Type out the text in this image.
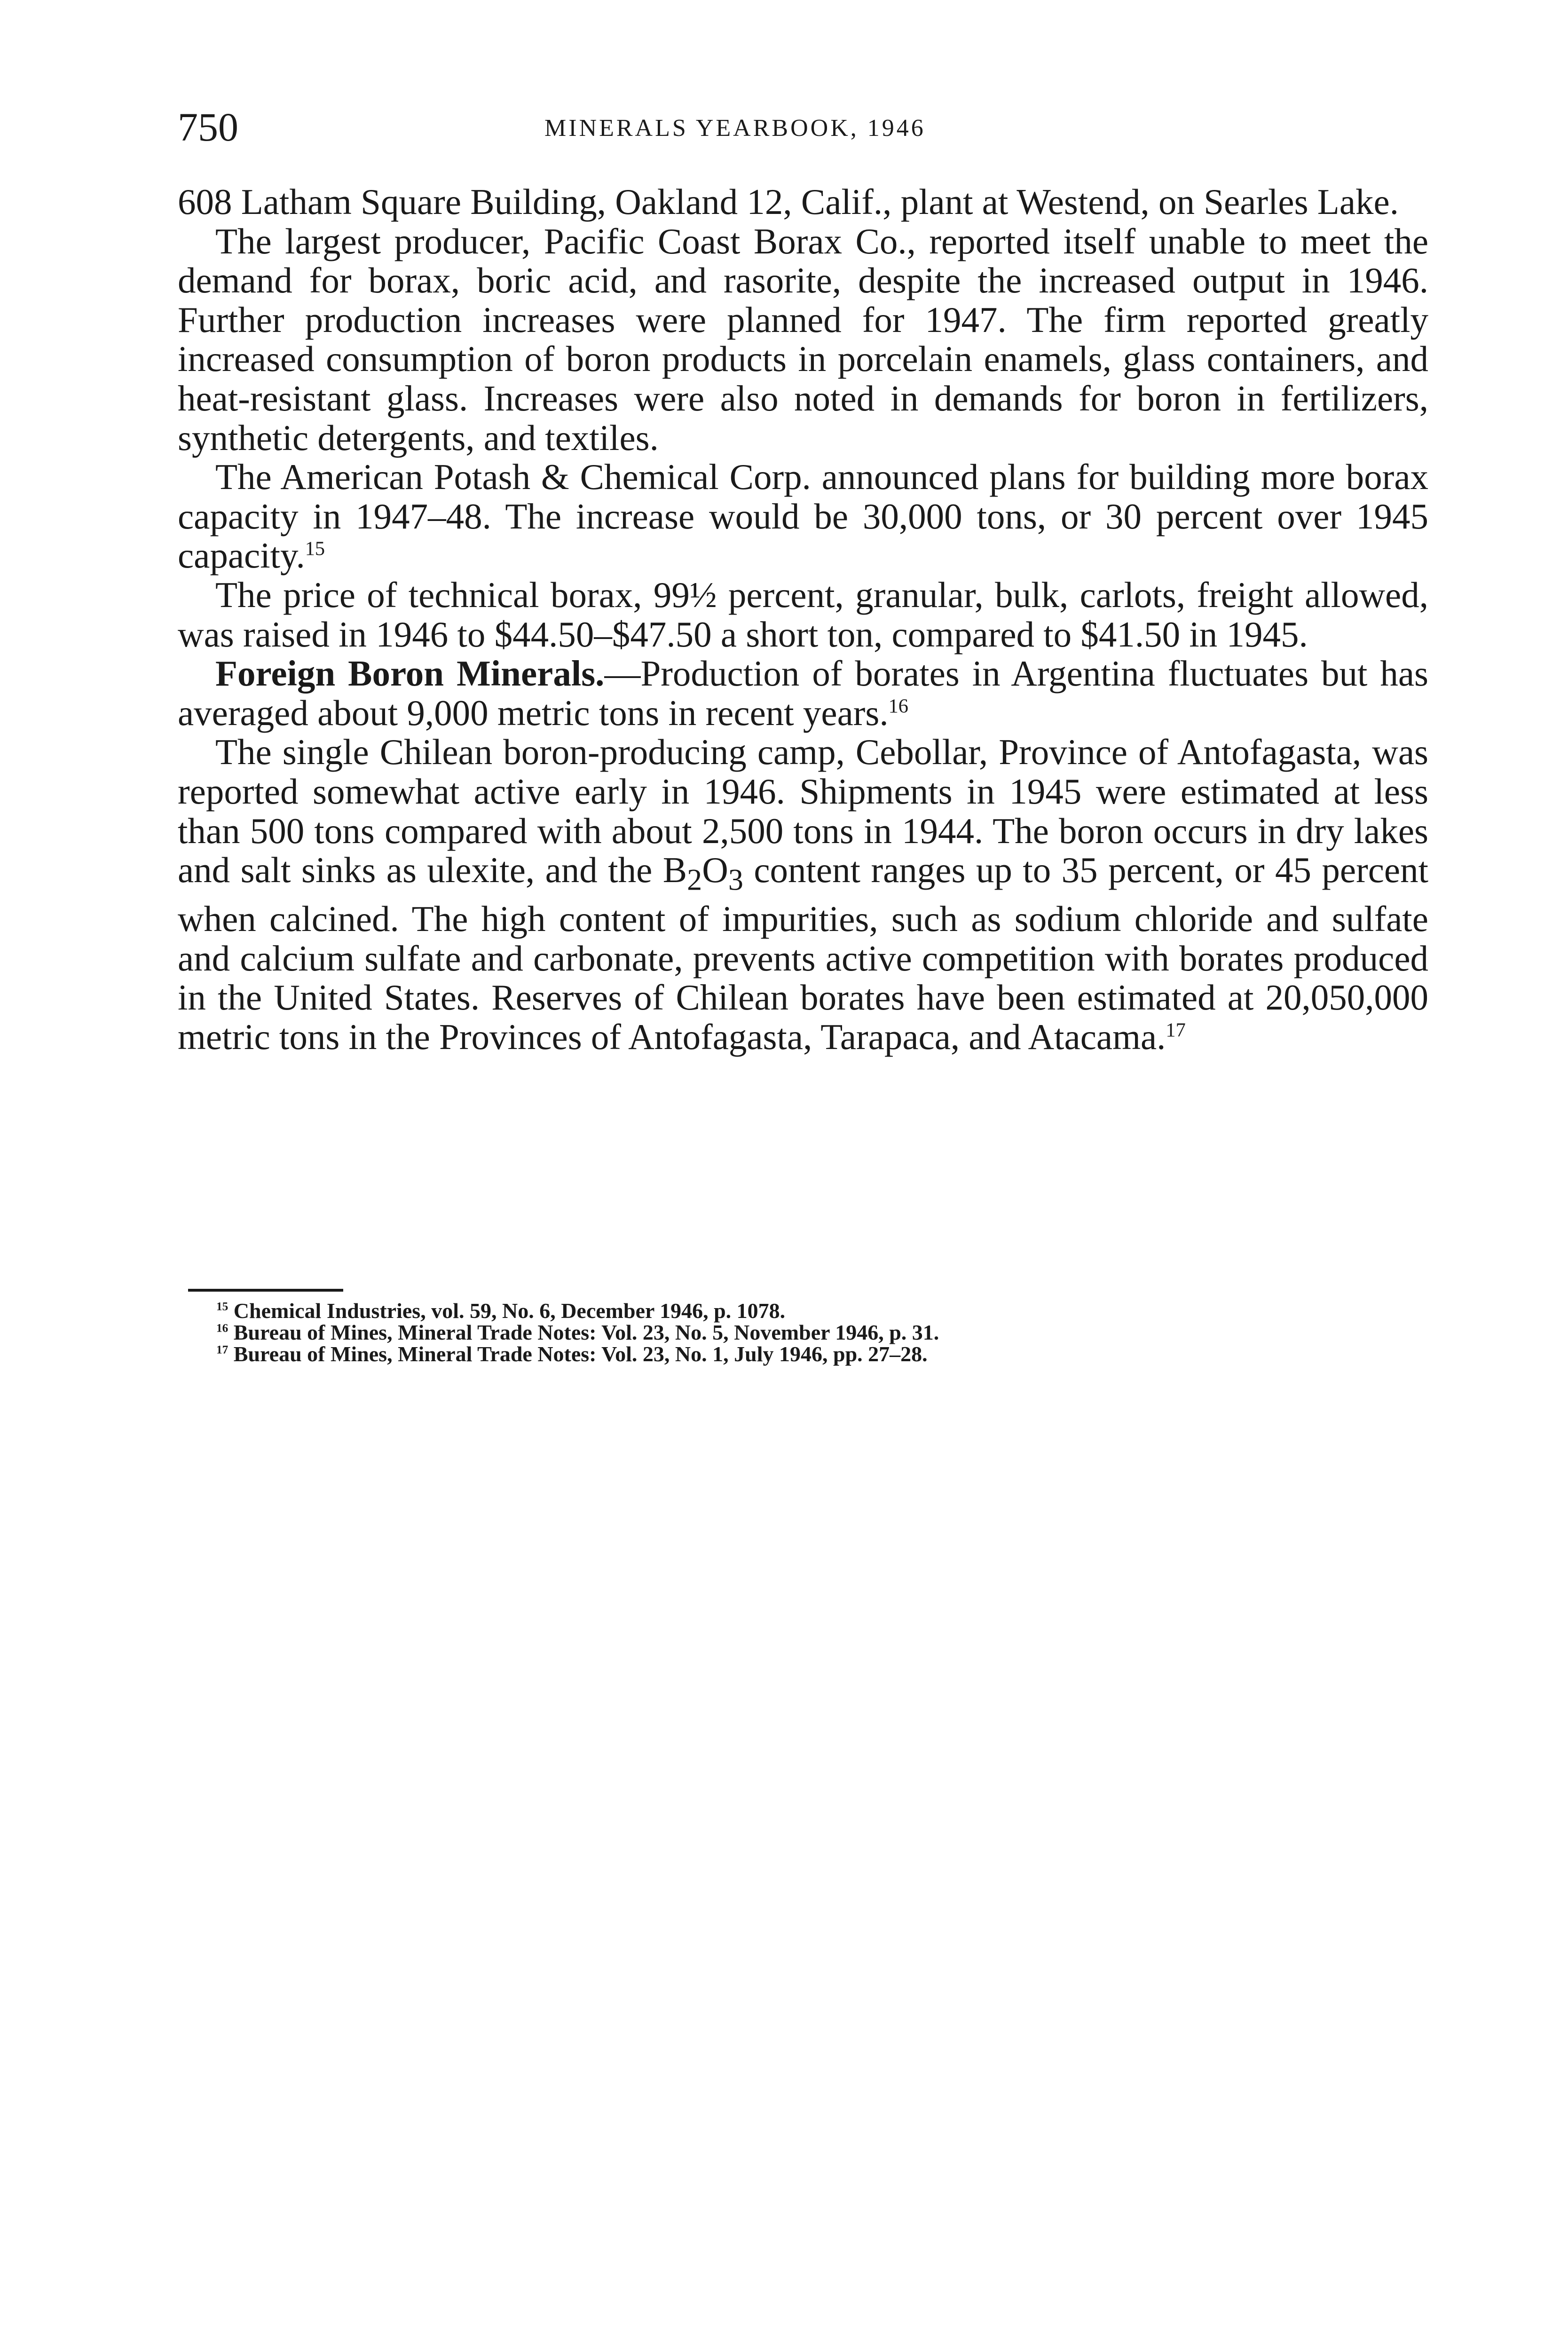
750	MINERALS YEARBOOK, 1946

608 Latham Square Building, Oakland 12, Calif., plant at Westend, on Searles Lake.

The largest producer, Pacific Coast Borax Co., reported itself unable to meet the demand for borax, boric acid, and rasorite, despite the increased output in 1946. Further production increases were planned for 1947. The firm reported greatly increased consumption of boron products in porcelain enamels, glass containers, and heat-resistant glass. Increases were also noted in demands for boron in fertilizers, synthetic detergents, and textiles.

The American Potash & Chemical Corp. announced plans for building more borax capacity in 1947–48. The increase would be 30,000 tons, or 30 percent over 1945 capacity.$^{15}$

The price of technical borax, 99½ percent, granular, bulk, carlots, freight allowed, was raised in 1946 to $44.50–$47.50 a short ton, compared to $41.50 in 1945.

Foreign Boron Minerals.—Production of borates in Argentina fluctuates but has averaged about 9,000 metric tons in recent years.$^{16}$

The single Chilean boron-producing camp, Cebollar, Province of Antofagasta, was reported somewhat active early in 1946. Shipments in 1945 were estimated at less than 500 tons compared with about 2,500 tons in 1944. The boron occurs in dry lakes and salt sinks as ulexite, and the $B_2O_3$ content ranges up to 35 percent, or 45 percent when calcined. The high content of impurities, such as sodium chloride and sulfate and calcium sulfate and carbonate, prevents active competition with borates produced in the United States. Reserves of Chilean borates have been estimated at 20,050,000 metric tons in the Provinces of Antofagasta, Tarapaca, and Atacama.$^{17}$

$^{15}$ Chemical Industries, vol. 59, No. 6, December 1946, p. 1078.

$^{16}$ Bureau of Mines, Mineral Trade Notes: Vol. 23, No. 5, November 1946, p. 31.

$^{17}$ Bureau of Mines, Mineral Trade Notes: Vol. 23, No. 1, July 1946, pp. 27–28.
